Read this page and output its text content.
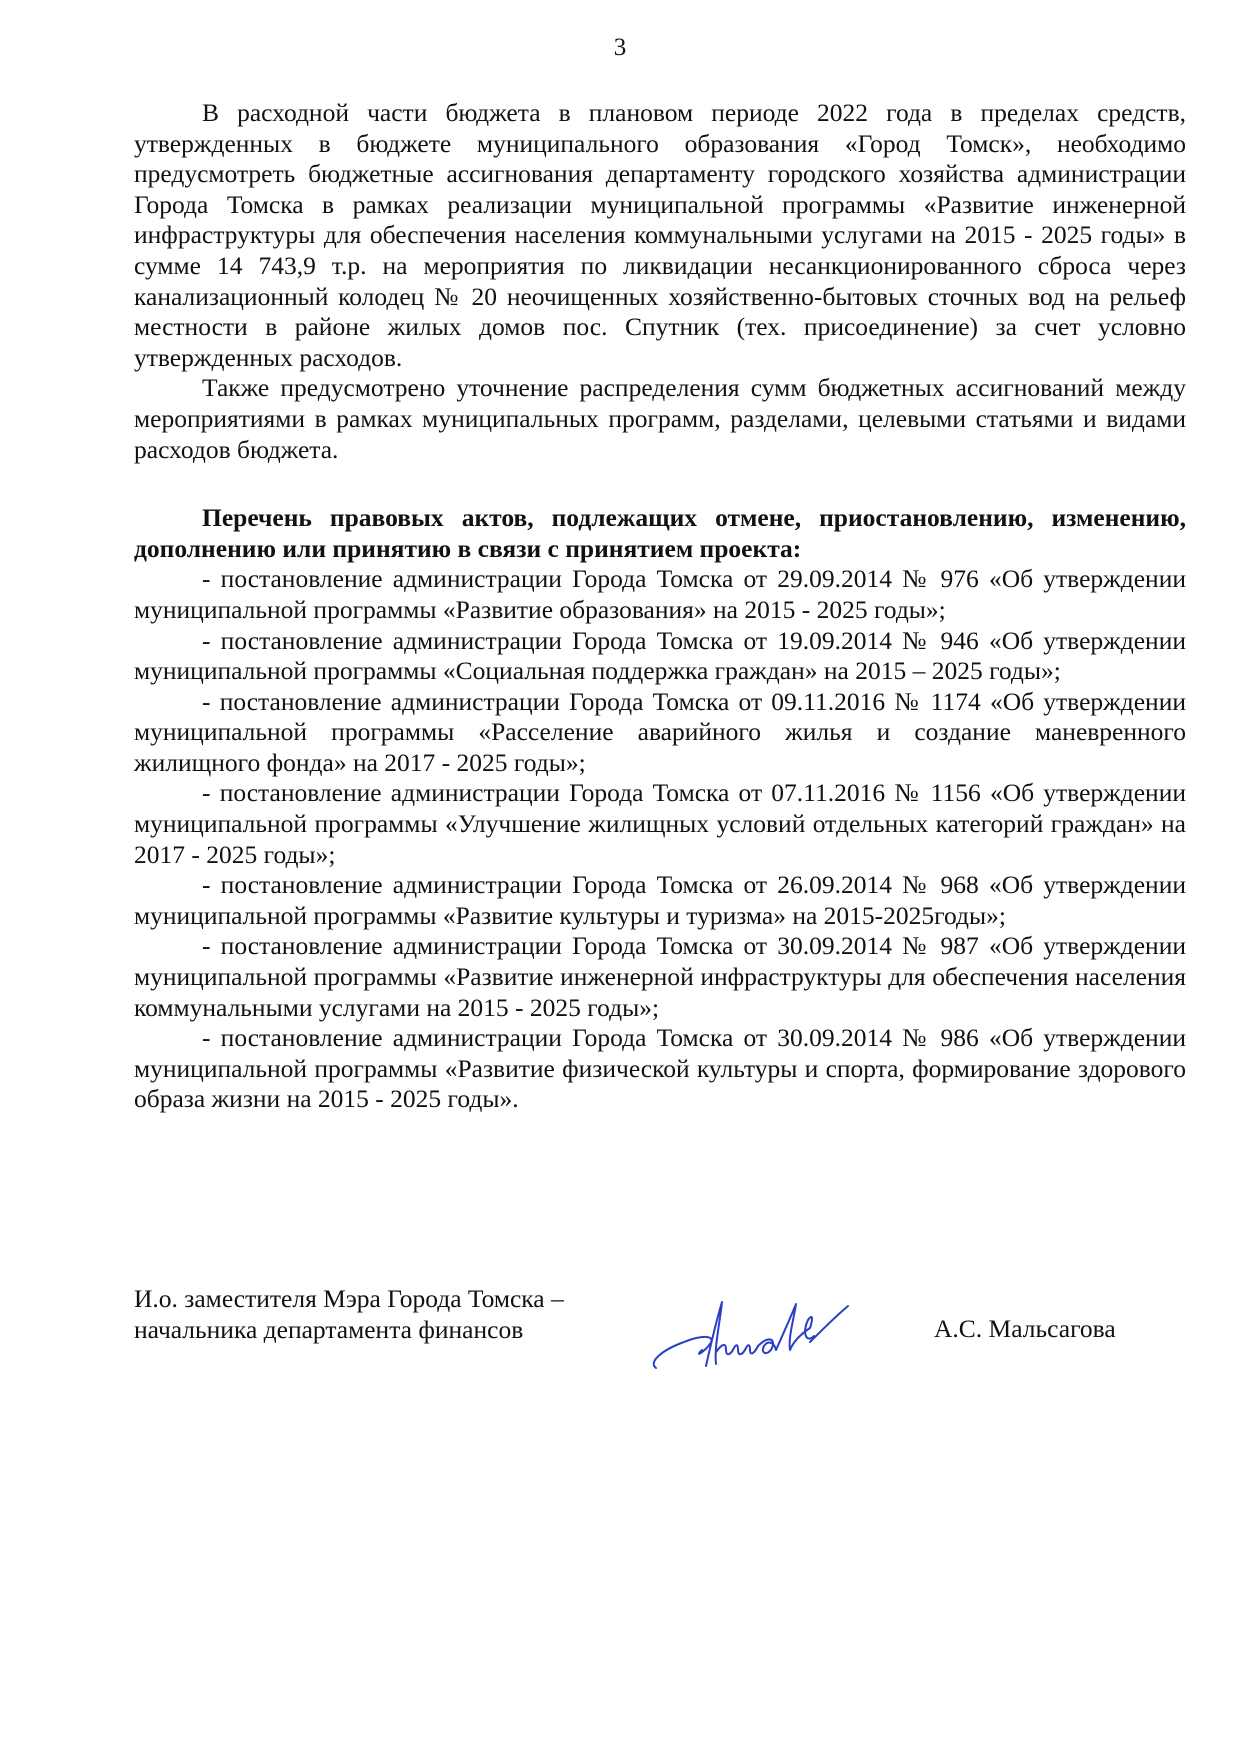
3

В расходной части бюджета в плановом периоде 2022 года в пределах средств, утвержденных в бюджете муниципального образования «Город Томск», необходимо предусмотреть бюджетные ассигнования департаменту городского хозяйства администрации Города Томска в рамках реализации муниципальной программы «Развитие инженерной инфраструктуры для обеспечения населения коммунальными услугами на 2015 - 2025 годы» в сумме 14 743,9 т.р. на мероприятия по ликвидации несанкционированного сброса через канализационный колодец № 20 неочищенных хозяйственно-бытовых сточных вод на рельеф местности в районе жилых домов пос. Спутник (тех. присоединение) за счет условно утвержденных расходов.

Также предусмотрено уточнение распределения сумм бюджетных ассигнований между мероприятиями в рамках муниципальных программ, разделами, целевыми статьями и видами расходов бюджета.

Перечень правовых актов, подлежащих отмене, приостановлению, изменению, дополнению или принятию в связи с принятием проекта:

- постановление администрации Города Томска от 29.09.2014 № 976 «Об утверждении муниципальной программы «Развитие образования» на 2015 - 2025 годы»;
- постановление администрации Города Томска от 19.09.2014 № 946 «Об утверждении муниципальной программы «Социальная поддержка граждан» на 2015 – 2025 годы»;
- постановление администрации Города Томска от 09.11.2016 № 1174 «Об утверждении муниципальной программы «Расселение аварийного жилья и создание маневренного жилищного фонда» на 2017 - 2025 годы»;
- постановление администрации Города Томска от 07.11.2016 № 1156 «Об утверждении муниципальной программы «Улучшение жилищных условий отдельных категорий граждан» на 2017 - 2025 годы»;
- постановление администрации Города Томска от 26.09.2014 № 968 «Об утверждении муниципальной программы «Развитие культуры и туризма» на 2015-2025годы»;
- постановление администрации Города Томска от 30.09.2014 № 987 «Об утверждении муниципальной программы «Развитие инженерной инфраструктуры для обеспечения населения коммунальными услугами на 2015 - 2025 годы»;
- постановление администрации Города Томска от 30.09.2014 № 986 «Об утверждении муниципальной программы «Развитие физической культуры и спорта, формирование здорового образа жизни на 2015 - 2025 годы».
И.о. заместителя Мэра Города Томска –
начальника департамента финансов	А.С. Мальсагова
